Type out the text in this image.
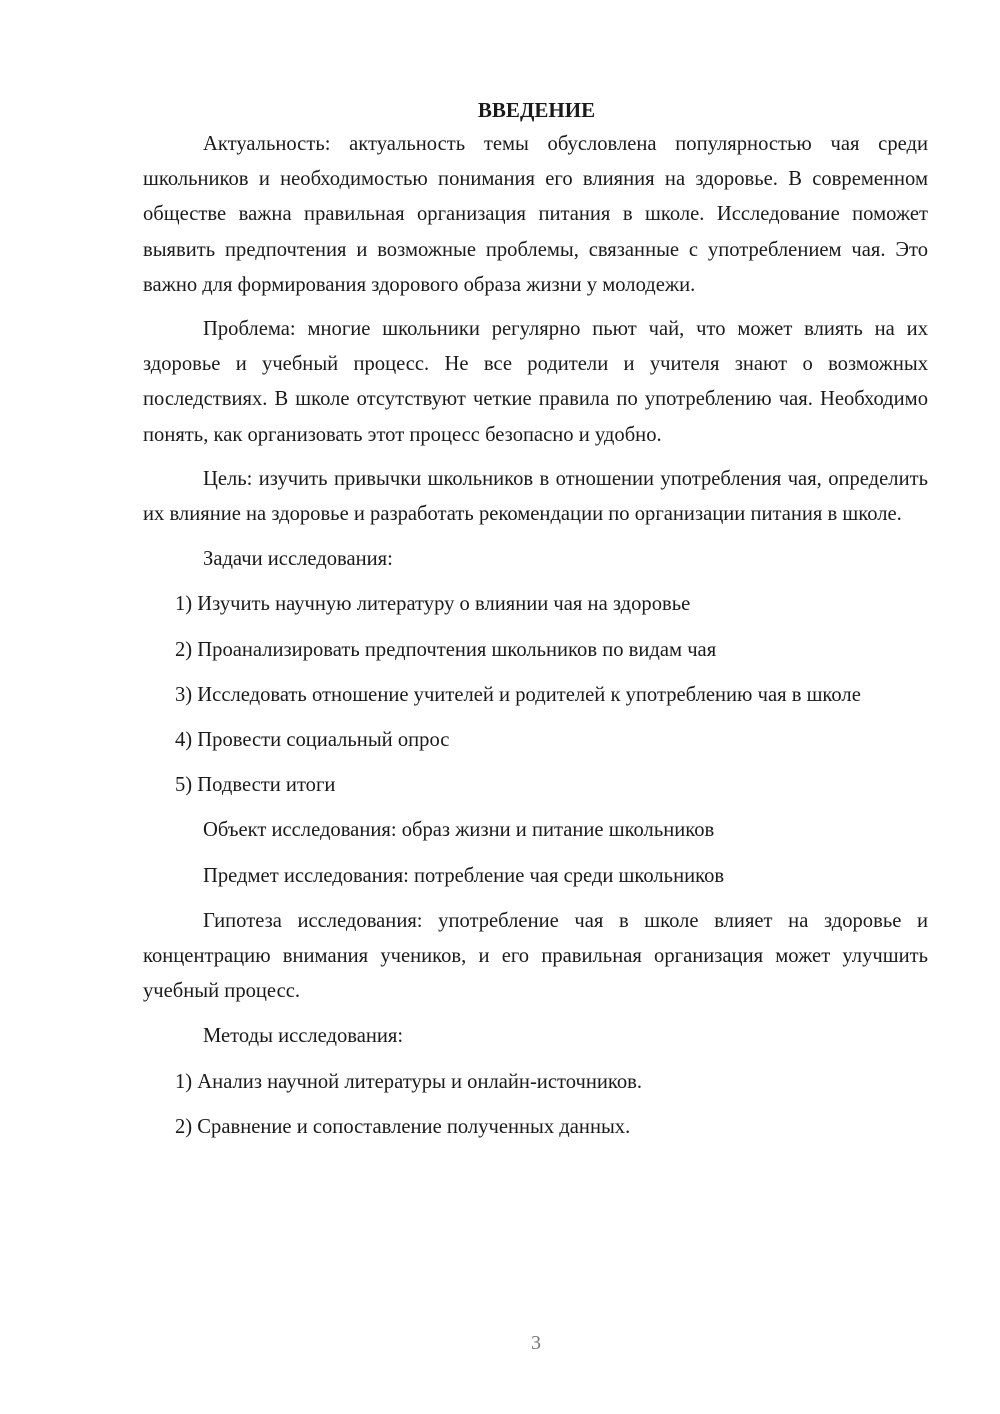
ВВЕДЕНИЕ

Актуальность: актуальность темы обусловлена популярностью чая среди школьников и необходимостью понимания его влияния на здоровье. В современном обществе важна правильная организация питания в школе. Исследование поможет выявить предпочтения и возможные проблемы, связанные с употреблением чая. Это важно для формирования здорового образа жизни у молодежи.

Проблема: многие школьники регулярно пьют чай, что может влиять на их здоровье и учебный процесс. Не все родители и учителя знают о возможных последствиях. В школе отсутствуют четкие правила по употреблению чая. Необходимо понять, как организовать этот процесс безопасно и удобно.

Цель: изучить привычки школьников в отношении употребления чая, определить их влияние на здоровье и разработать рекомендации по организации питания в школе.

Задачи исследования:
1) Изучить научную литературу о влиянии чая на здоровье
2) Проанализировать предпочтения школьников по видам чая
3) Исследовать отношение учителей и родителей к употреблению чая в школе
4) Провести социальный опрос
5) Подвести итоги
Объект исследования: образ жизни и питание школьников
Предмет исследования: потребление чая среди школьников

Гипотеза исследования: употребление чая в школе влияет на здоровье и концентрацию внимания учеников, и его правильная организация может улучшить учебный процесс.

Методы исследования:
1) Анализ научной литературы и онлайн-источников.
2) Сравнение и сопоставление полученных данных.
3
